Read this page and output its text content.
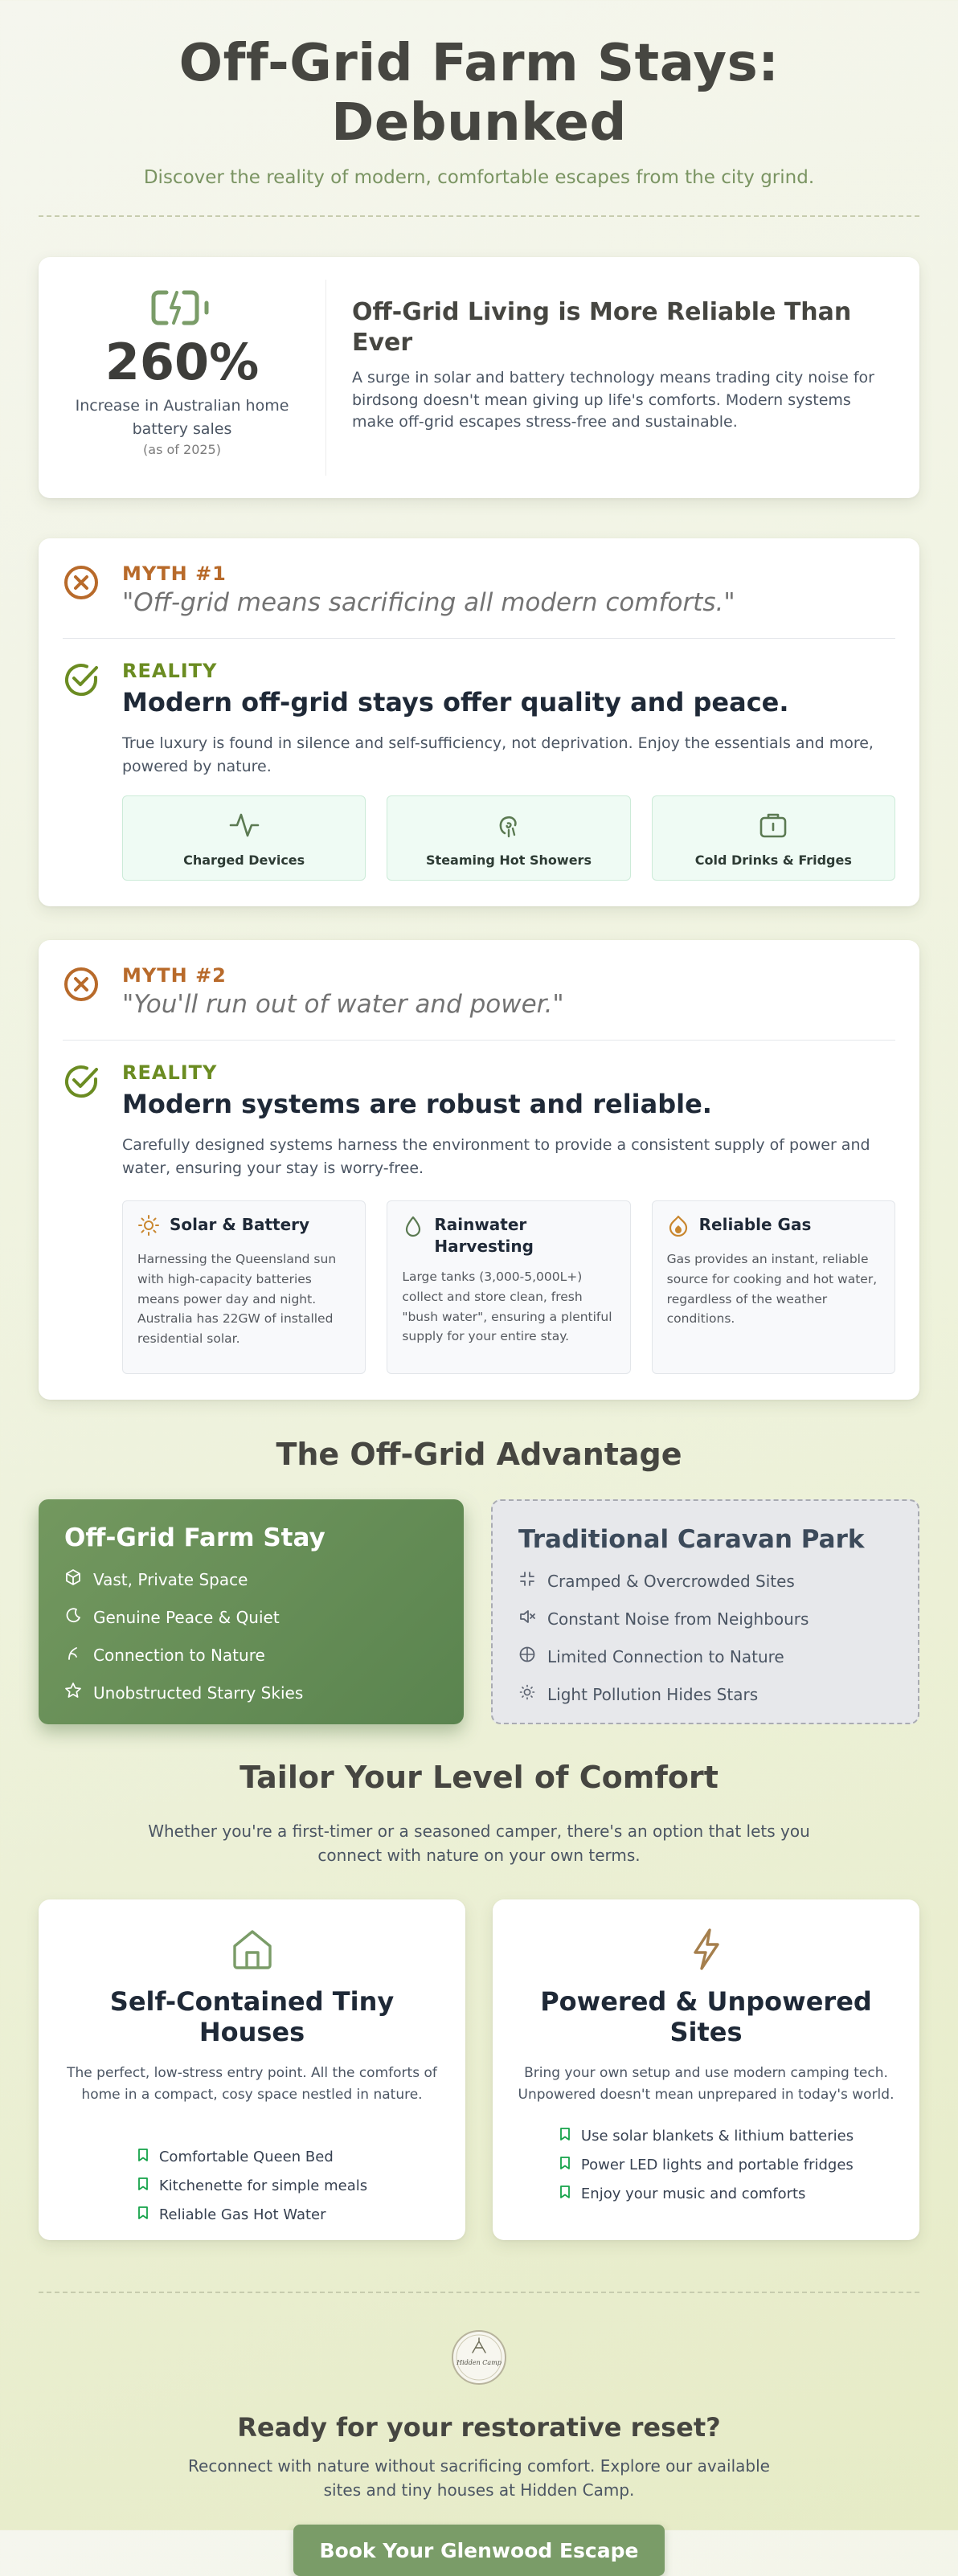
Off-Grid Farm Stays: Debunked

Discover the reality of modern, comfortable escapes from the city grind.

260%
Increase in Australian home battery sales
(as of 2025)
Off-Grid Living is More Reliable Than Ever

A surge in solar and battery technology means trading city noise for birdsong doesn't mean giving up life's comforts. Modern systems make off-grid escapes stress-free and sustainable.

MYTH #1
"Off-grid means sacrificing all modern comforts."
REALITY
Modern off-grid stays offer quality and peace.

True luxury is found in silence and self-sufficiency, not deprivation. Enjoy the essentials and more, powered by nature.

Charged Devices	Steaming Hot Showers	Cold Drinks & Fridges
MYTH #2
"You'll run out of water and power."
REALITY
Modern systems are robust and reliable.

Carefully designed systems harness the environment to provide a consistent supply of power and water, ensuring your stay is worry-free.

Solar & Battery

Harnessing the Queensland sun with high-capacity batteries means power day and night. Australia has 22GW of installed residential solar.

Rainwater Harvesting

Large tanks (3,000-5,000L+) collect and store clean, fresh "bush water", ensuring a plentiful supply for your entire stay.

Reliable Gas

Gas provides an instant, reliable source for cooking and hot water, regardless of the weather conditions.

The Off-Grid Advantage
Off-Grid Farm Stay
Vast, Private Space
Genuine Peace & Quiet
Connection to Nature
Unobstructed Starry Skies
Traditional Caravan Park
Cramped & Overcrowded Sites
Constant Noise from Neighbours
Limited Connection to Nature
Light Pollution Hides Stars
Tailor Your Level of Comfort

Whether you're a first-timer or a seasoned camper, there's an option that lets you connect with nature on your own terms.

Self-Contained Tiny Houses

The perfect, low-stress entry point. All the comforts of home in a compact, cosy space nestled in nature.

Comfortable Queen Bed
Kitchenette for simple meals
Reliable Gas Hot Water
Powered & Unpowered Sites

Bring your own setup and use modern camping tech. Unpowered doesn't mean unprepared in today's world.

Use solar blankets & lithium batteries
Power LED lights and portable fridges
Enjoy your music and comforts
Hidden Camp
Ready for your restorative reset?

Reconnect with nature without sacrificing comfort. Explore our available sites and tiny houses at Hidden Camp.

Book Your Glenwood Escape
